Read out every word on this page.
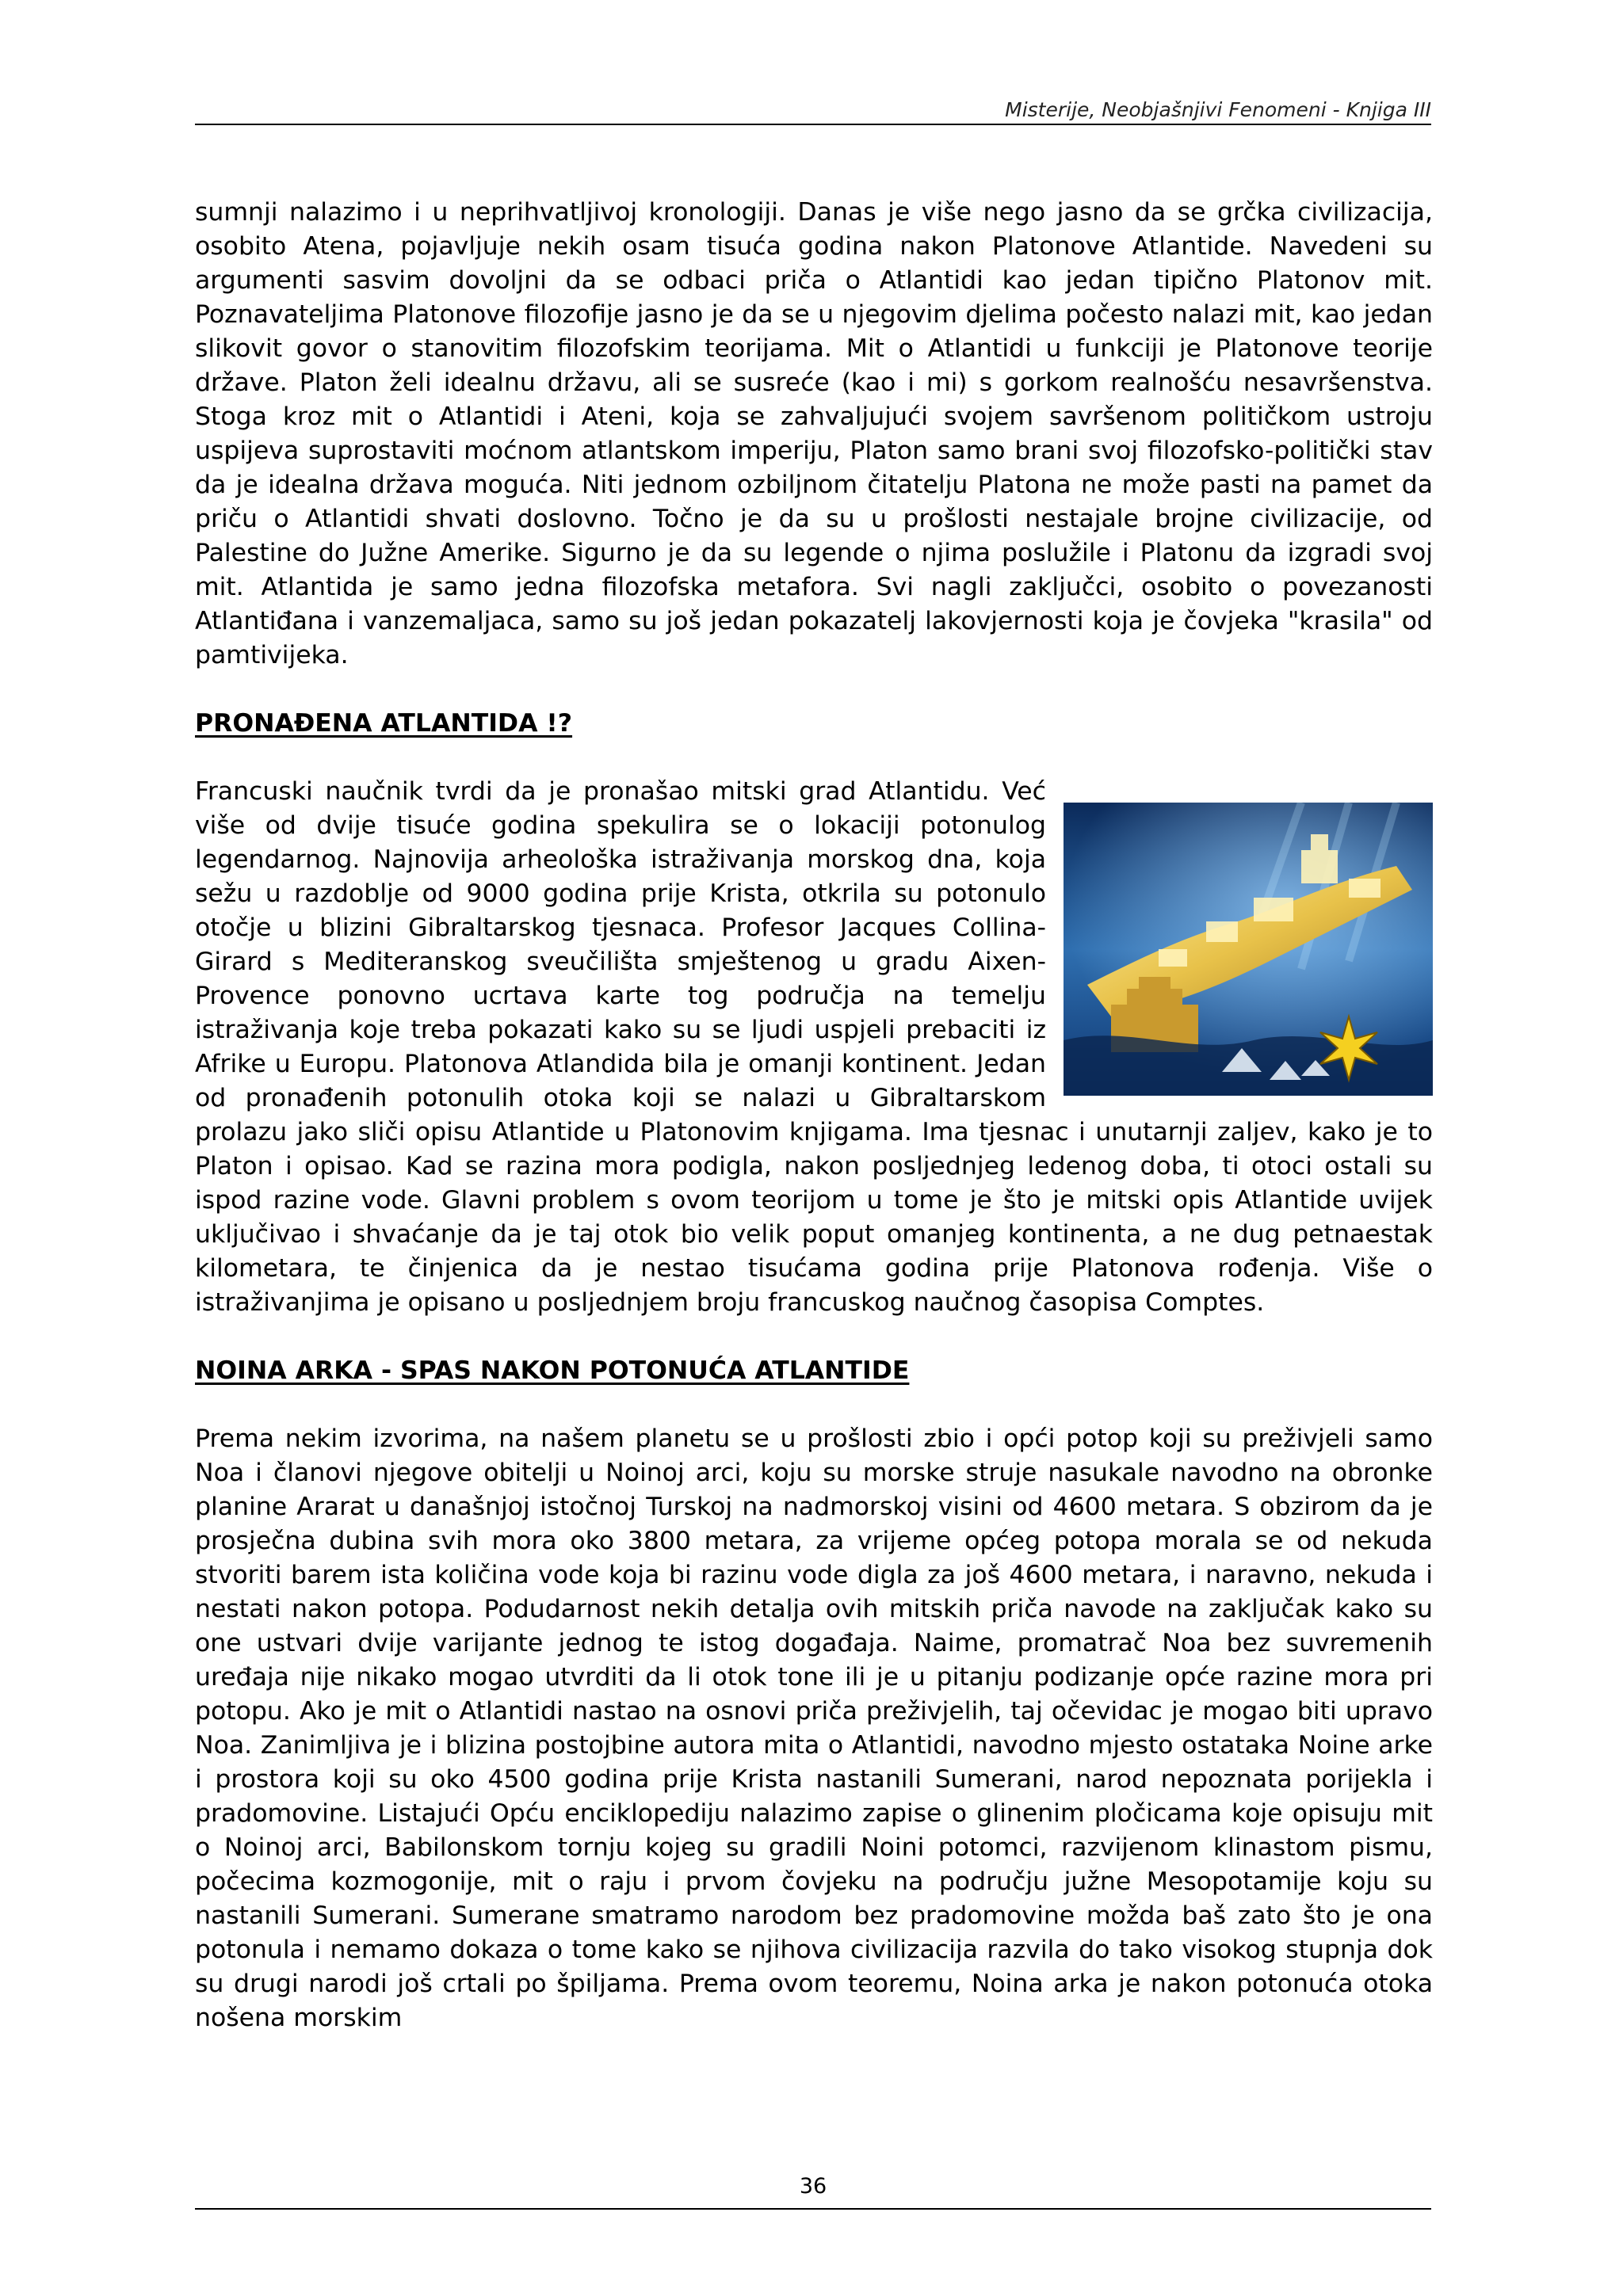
Misterije, Neobjašnjivi Fenomeni - Knjiga III

sumnji nalazimo i u neprihvatljivoj kronologiji. Danas je više nego jasno da se grčka civilizacija, osobito Atena, pojavljuje nekih osam tisuća godina nakon Platonove Atlantide. Navedeni su argumenti sasvim dovoljni da se odbaci priča o Atlantidi kao jedan tipično Platonov mit. Poznavateljima Platonove filozofije jasno je da se u njegovim djelima počesto nalazi mit, kao jedan slikovit govor o stanovitim filozofskim teorijama. Mit o Atlantidi u funkciji je Platonove teorije države. Platon želi idealnu državu, ali se susreće (kao i mi) s gorkom realnošću nesavršenstva. Stoga kroz mit o Atlantidi i Ateni, koja se zahvaljujući svojem savršenom političkom ustroju uspijeva suprostaviti moćnom atlantskom imperiju, Platon samo brani svoj filozofsko-politički stav da je idealna država moguća. Niti jednom ozbiljnom čitatelju Platona ne može pasti na pamet da priču o Atlantidi shvati doslovno. Točno je da su u prošlosti nestajale brojne civilizacije, od Palestine do Južne Amerike. Sigurno je da su legende o njima poslužile i Platonu da izgradi svoj mit. Atlantida je samo jedna filozofska metafora. Svi nagli zaključci, osobito o povezanosti Atlantiđana i vanzemaljaca, samo su još jedan pokazatelj lakovjernosti koja je čovjeka "krasila" od pamtivijeka.

PRONAĐENA ATLANTIDA !?

Francuski naučnik tvrdi da je pronašao mitski grad Atlantidu. Već više od dvije tisuće godina spekulira se o lokaciji potonulog legendarnog. Najnovija arheološka istraživanja morskog dna, koja sežu u razdoblje od 9000 godina prije Krista, otkrila su potonulo otočje u blizini Gibraltarskog tjesnaca. Profesor Jacques Collina-Girard s Mediteranskog sveučilišta smještenog u gradu Aixen-Provence ponovno ucrtava karte tog područja na temelju istraživanja koje treba pokazati kako su se ljudi uspjeli prebaciti iz Afrike u Europu. Platonova Atlandida bila je omanji kontinent. Jedan od pronađenih potonulih otoka koji se nalazi u Gibraltarskom prolazu jako sliči opisu Atlantide u Platonovim knjigama. Ima tjesnac i unutarnji zaljev, kako je to Platon i opisao. Kad se razina mora podigla, nakon posljednjeg ledenog doba, ti otoci ostali su ispod razine vode. Glavni problem s ovom teorijom u tome je što je mitski opis Atlantide uvijek uključivao i shvaćanje da je taj otok bio velik poput omanjeg kontinenta, a ne dug petnaestak kilometara, te činjenica da je nestao tisućama godina prije Platonova rođenja. Više o istraživanjima je opisano u posljednjem broju francuskog naučnog časopisa Comptes.

NOINA ARKA - SPAS NAKON POTONUĆA ATLANTIDE

Prema nekim izvorima, na našem planetu se u prošlosti zbio i opći potop koji su preživjeli samo Noa i članovi njegove obitelji u Noinoj arci, koju su morske struje nasukale navodno na obronke planine Ararat u današnjoj istočnoj Turskoj na nadmorskoj visini od 4600 metara. S obzirom da je prosječna dubina svih mora oko 3800 metara, za vrijeme općeg potopa morala se od nekuda stvoriti barem ista količina vode koja bi razinu vode digla za još 4600 metara, i naravno, nekuda i nestati nakon potopa. Podudarnost nekih detalja ovih mitskih priča navode na zaključak kako su one ustvari dvije varijante jednog te istog događaja. Naime, promatrač Noa bez suvremenih uređaja nije nikako mogao utvrditi da li otok tone ili je u pitanju podizanje opće razine mora pri potopu. Ako je mit o Atlantidi nastao na osnovi priča preživjelih, taj očevidac je mogao biti upravo Noa. Zanimljiva je i blizina postojbine autora mita o Atlantidi, navodno mjesto ostataka Noine arke i prostora koji su oko 4500 godina prije Krista nastanili Sumerani, narod nepoznata porijekla i pradomovine. Listajući Opću enciklopediju nalazimo zapise o glinenim pločicama koje opisuju mit o Noinoj arci, Babilonskom tornju kojeg su gradili Noini potomci, razvijenom klinastom pismu, počecima kozmogonije, mit o raju i prvom čovjeku na području južne Mesopotamije koju su nastanili Sumerani. Sumerane smatramo narodom bez pradomovine možda baš zato što je ona potonula i nemamo dokaza o tome kako se njihova civilizacija razvila do tako visokog stupnja dok su drugi narodi još crtali po špiljama. Prema ovom teoremu, Noina arka je nakon potonuća otoka nošena morskim

36
